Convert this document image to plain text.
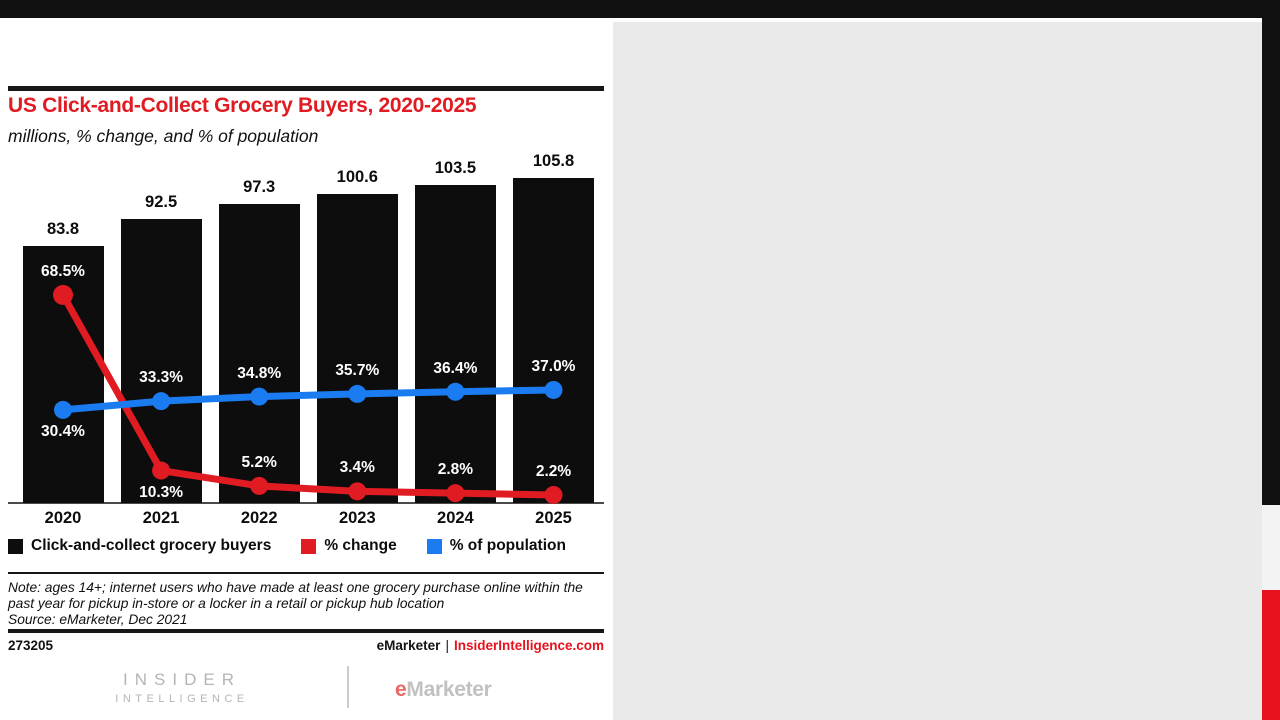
US Click-and-Collect Grocery Buyers, 2020-2025
millions, % change, and % of population
83.8
2020
92.5
2021
97.3
2022
100.6
2023
103.5
2024
105.8
2025
68.5%
10.3%
5.2%	3.4%	2.8%	2.2%
30.4%
33.3%	34.8%	35.7%	36.4%	37.0%
Click-and-collect grocery buyers	% change	% of population
Note: ages 14+; internet users who have made at least one grocery purchase online within the past year for pickup in-store or a locker in a retail or pickup hub location
Source: eMarketer, Dec 2021
273205	eMarketer | InsiderIntelligence.com
INSIDER
INTELLIGENCE	eMarketer
